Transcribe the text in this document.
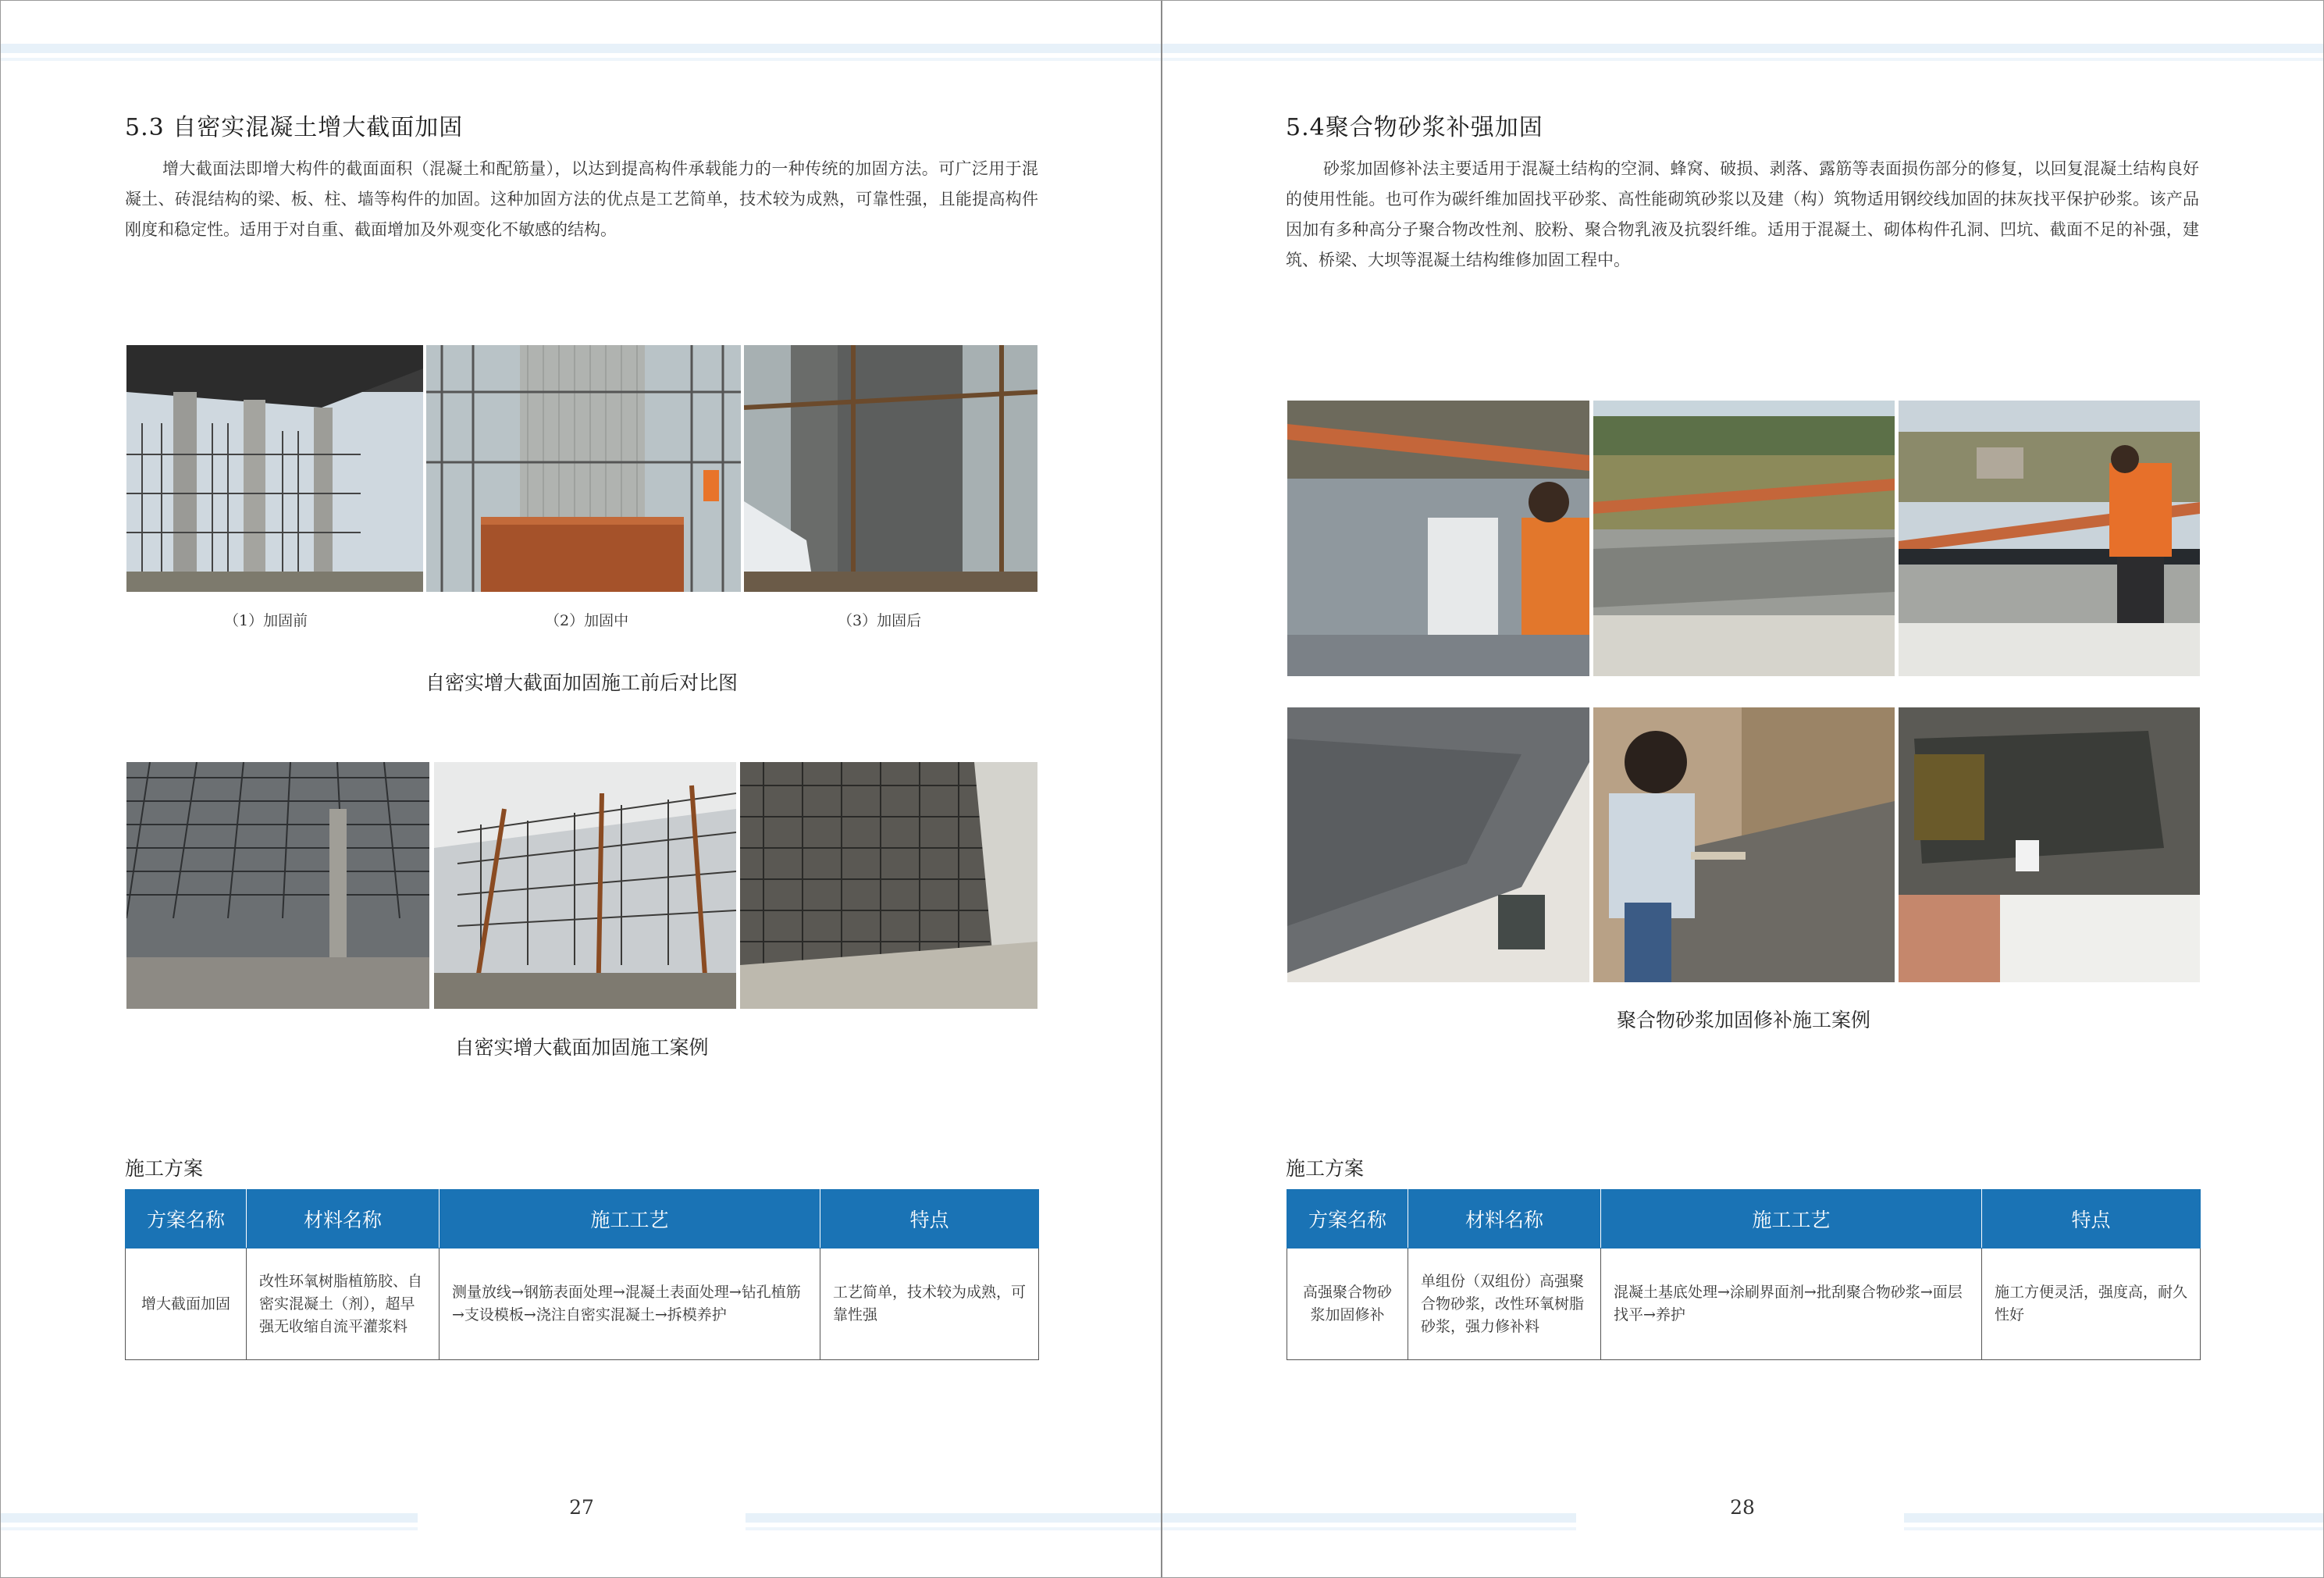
5.3 自密实混凝土增大截面加固

增大截面法即增大构件的截面面积（混凝土和配筋量），以达到提高构件承载能力的一种传统的加固方法。可广泛用于混凝土、砖混结构的梁、板、柱、墙等构件的加固。这种加固方法的优点是工艺简单，技术较为成熟，可靠性强，且能提高构件刚度和稳定性。适用于对自重、截面增加及外观变化不敏感的结构。

（1）加固前	（2）加固中	（3）加固后
自密实增大截面加固施工前后对比图
自密实增大截面加固施工案例
施工方案
方案名称	材料名称	施工工艺	特点
增大截面加固	改性环氧树脂植筋胶、自密实混凝土（剂），超早强无收缩自流平灌浆料	测量放线→钢筋表面处理→混凝土表面处理→钻孔植筋→支设模板→浇注自密实混凝土→拆模养护	工艺简单，技术较为成熟，可靠性强
27
5.4聚合物砂浆补强加固

砂浆加固修补法主要适用于混凝土结构的空洞、蜂窝、破损、剥落、露筋等表面损伤部分的修复，以回复混凝土结构良好的使用性能。也可作为碳纤维加固找平砂浆、高性能砌筑砂浆以及建（构）筑物适用钢绞线加固的抹灰找平保护砂浆。该产品因加有多种高分子聚合物改性剂、胶粉、聚合物乳液及抗裂纤维。适用于混凝土、砌体构件孔洞、凹坑、截面不足的补强，建筑、桥梁、大坝等混凝土结构维修加固工程中。

聚合物砂浆加固修补施工案例
施工方案
方案名称	材料名称	施工工艺	特点
高强聚合物砂浆加固修补	单组份（双组份）高强聚合物砂浆，改性环氧树脂砂浆，强力修补料	混凝土基底处理→涂刷界面剂→批刮聚合物砂浆→面层找平→养护	施工方便灵活，强度高，耐久性好
28
